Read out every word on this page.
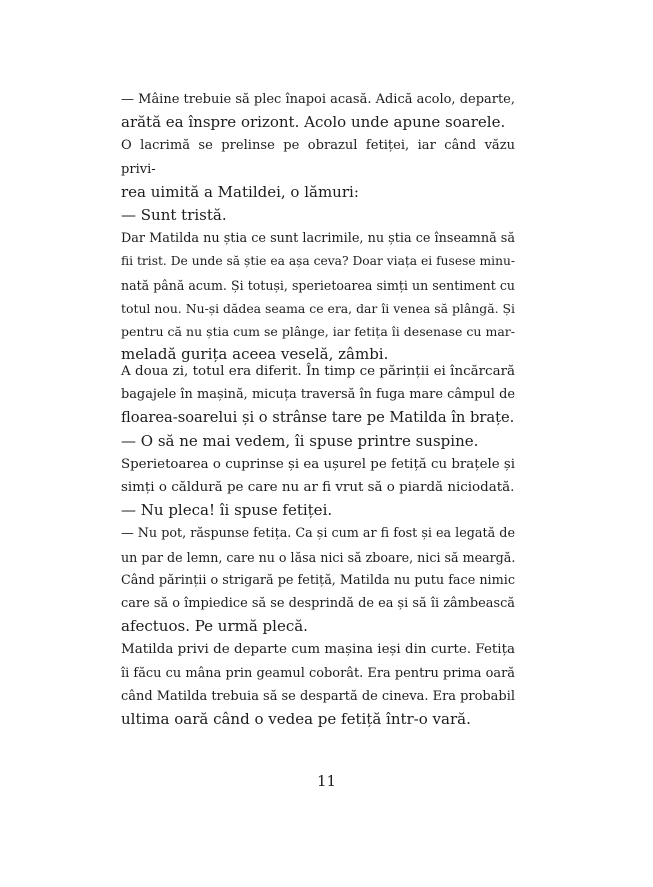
— Mâine trebuie să plec înapoi acasă. Adică acolo, departe,
arătă ea înspre orizont. Acolo unde apune soarele.
O lacrimă se prelinse pe obrazul fetiței, iar când văzu privi-
rea uimită a Matildei, o lămuri:
— Sunt tristă.
Dar Matilda nu știa ce sunt lacrimile, nu știa ce înseamnă să
fii trist. De unde să știe ea așa ceva? Doar viața ei fusese minu-
nată până acum. Și totuși, sperietoarea simți un sentiment cu
totul nou. Nu-și dădea seama ce era, dar îi venea să plângă. Și
pentru că nu știa cum se plânge, iar fetița îi desenase cu mar-
meladă gurița aceea veselă, zâmbi.
A doua zi, totul era diferit. În timp ce părinții ei încărcară
bagajele în mașină, micuța traversă în fuga mare câmpul de
floarea-soarelui și o strânse tare pe Matilda în brațe.
— O să ne mai vedem, îi spuse printre suspine.
Sperietoarea o cuprinse și ea ușurel pe fetiță cu brațele și
simți o căldură pe care nu ar fi vrut să o piardă niciodată.
— Nu pleca! îi spuse fetiței.
— Nu pot, răspunse fetița. Ca și cum ar fi fost și ea legată de
un par de lemn, care nu o lăsa nici să zboare, nici să meargă.
Când părinții o strigară pe fetiță, Matilda nu putu face nimic
care să o împiedice să se desprindă de ea și să îi zâmbească
afectuos. Pe urmă plecă.
Matilda privi de departe cum mașina ieși din curte. Fetița
îi făcu cu mâna prin geamul coborât. Era pentru prima oară
când Matilda trebuia să se despartă de cineva. Era probabil
ultima oară când o vedea pe fetiță într-o vară.
11
